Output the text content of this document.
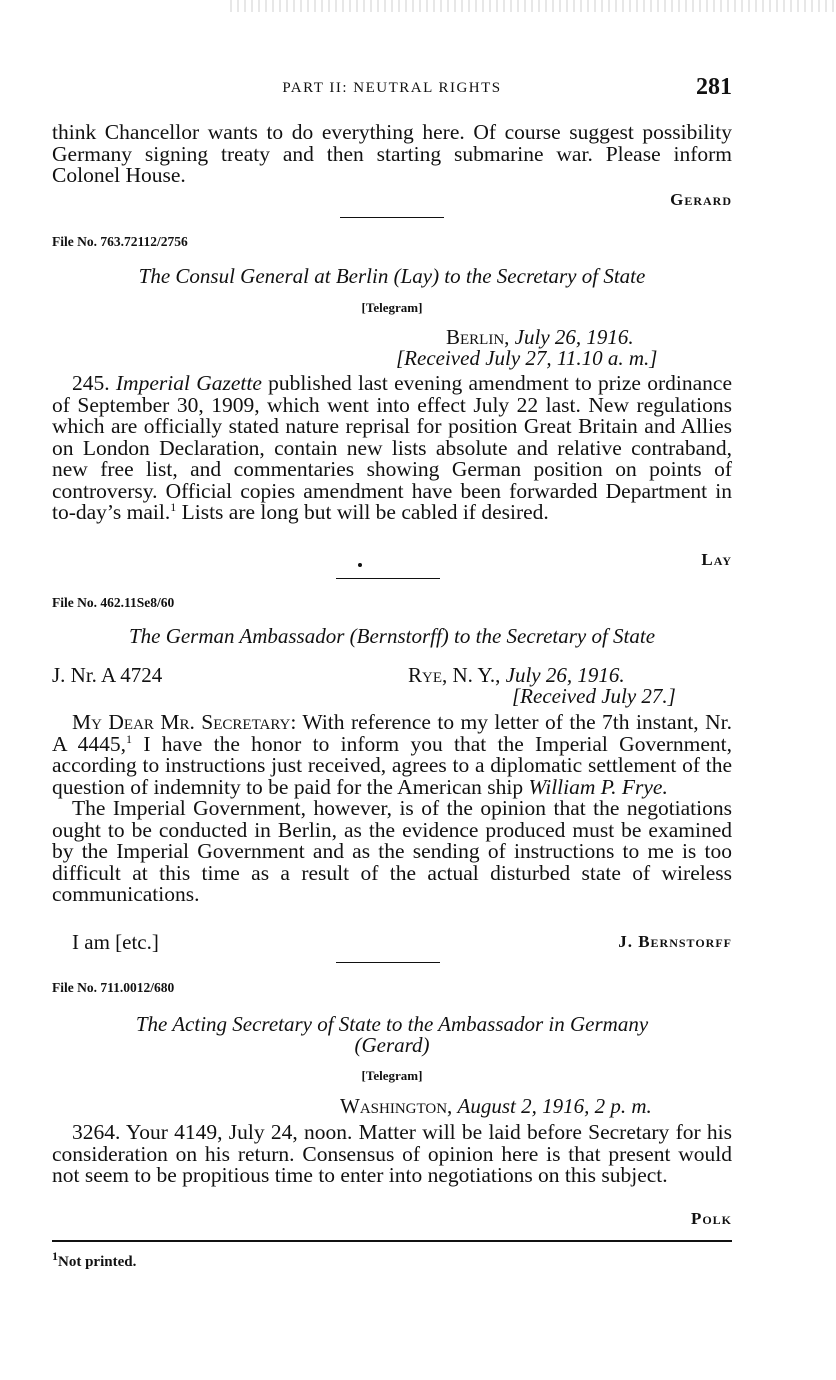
PART II: NEUTRAL RIGHTS	281

think Chancellor wants to do everything here. Of course suggest possibility Germany signing treaty and then starting submarine war. Please inform Colonel House.

Gerard
File No. 763.72112/2756
The Consul General at Berlin (Lay) to the Secretary of State
[Telegram]
Berlin, July 26, 1916.
[Received July 27, 11.10 a. m.]

245. Imperial Gazette published last evening amendment to prize ordinance of September 30, 1909, which went into effect July 22 last. New regulations which are officially stated nature reprisal for position Great Britain and Allies on London Declaration, contain new lists absolute and relative contraband, new free list, and commentaries showing German position on points of controversy. Official copies amendment have been forwarded Department in to-day’s mail.$^1$ Lists are long but will be cabled if desired.

Lay
File No. 462.11Se8/60
The German Ambassador (Bernstorff) to the Secretary of State
J. Nr. A 4724	Rye, N. Y., July 26, 1916.
[Received July 27.]

My Dear Mr. Secretary: With reference to my letter of the 7th instant, Nr. A 4445,$^1$ I have the honor to inform you that the Imperial Government, according to instructions just received, agrees to a diplomatic settlement of the question of indemnity to be paid for the American ship William P. Frye.

The Imperial Government, however, is of the opinion that the negotiations ought to be conducted in Berlin, as the evidence produced must be examined by the Imperial Government and as the sending of instructions to me is too difficult at this time as a result of the actual disturbed state of wireless communications.

I am [etc.]	J. Bernstorff
File No. 711.0012/680
The Acting Secretary of State to the Ambassador in Germany
(Gerard)
[Telegram]
Washington, August 2, 1916, 2 p. m.

3264. Your 4149, July 24, noon. Matter will be laid before Secretary for his consideration on his return. Consensus of opinion here is that present would not seem to be propitious time to enter into negotiations on this subject.

Polk
$^1$Not printed.
